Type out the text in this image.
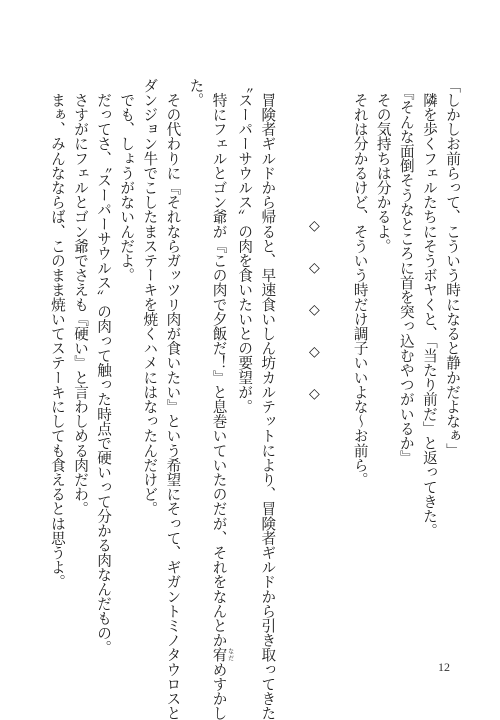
「しかしお前らって、こういう時になると静かだよなぁ」
　隣を歩くフェルたちにそうボヤくと、「当たり前だ」と返ってきた。
　『そんな面倒そうなところに首を突っ込むやつがいるか』
　その気持ちは分かるよ。
　それは分かるけど、そういう時だけ調子いいよな～お前ら。

◇　◇　◇　◇　◇

　冒険者ギルドから帰ると、早速食いしん坊カルテットにより、冒険者ギルドから引き取ってきた
〝スーパーサウルス〟の肉を食いたいとの要望が。
　特にフェルとゴン爺が『この肉で夕飯だ！』と息巻いていたのだが、それをなんとか宥 なだめすかし
た。
　その代わりに『それならガッツリ肉が食いたい』という希望にそって、ギガントミノタウロスと
ダンジョン牛でこしたまステーキを焼くハメにはなったんだけど。
　でも、しょうがないんだよ。
　だってさ、〝スーパーサウルス〟の肉って触った時点で硬いって分かる肉なんだもの。
　さすがにフェルとゴン爺でさえも『硬い』と言わしめる肉だわ。
　まぁ、みんなならば、このまま焼いてステーキにしても食えるとは思うよ。
12
